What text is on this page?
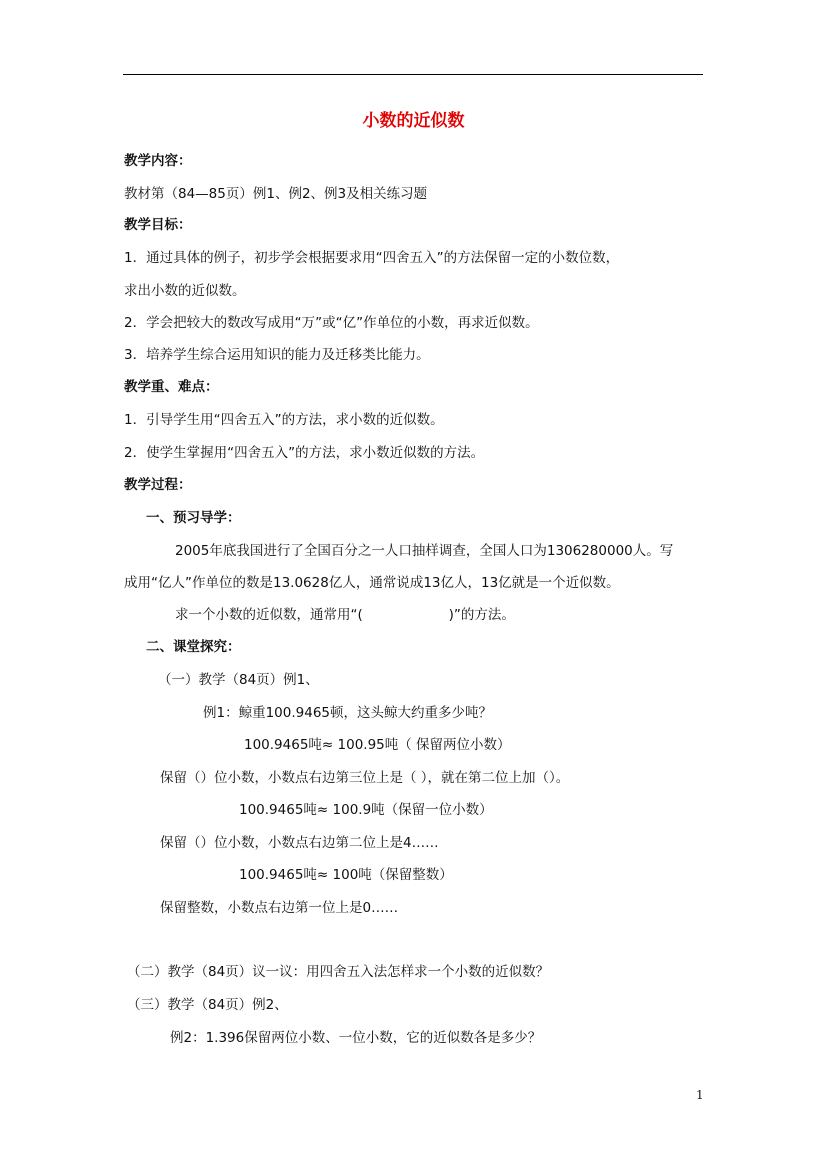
小数的近似数
教学内容：
教材第（84—85页）例1、例2、例3及相关练习题
教学目标：
1．通过具体的例子，初步学会根据要求用“四舍五入”的方法保留一定的小数位数，
求出小数的近似数。
2．学会把较大的数改写成用“万”或“亿”作单位的小数，再求近似数。
3．培养学生综合运用知识的能力及迁移类比能力。
教学重、难点：
1．引导学生用“四舍五入”的方法，求小数的近似数。
2．使学生掌握用“四舍五入”的方法，求小数近似数的方法。
教学过程：
一、预习导学：
2005年底我国进行了全国百分之一人口抽样调查，全国人口为1306280000人。写
成用“亿人”作单位的数是13.0628亿人，通常说成13亿人，13亿就是一个近似数。
求一个小数的近似数，通常用“(                    )”的方法。
二、课堂探究：
（一）教学（84页）例1、
例1：鲸重100.9465顿，这头鲸大约重多少吨？
100.9465吨≈ 100.95吨（ 保留两位小数）
保留（）位小数，小数点右边第三位上是（ ），就在第二位上加（）。
100.9465吨≈ 100.9吨（保留一位小数）
保留（）位小数，小数点右边第二位上是4……
100.9465吨≈ 100吨（保留整数）
保留整数，小数点右边第一位上是0……
（二）教学（84页）议一议：用四舍五入法怎样求一个小数的近似数？
（三）教学（84页）例2、
例2：1.396保留两位小数、一位小数，它的近似数各是多少？
1
